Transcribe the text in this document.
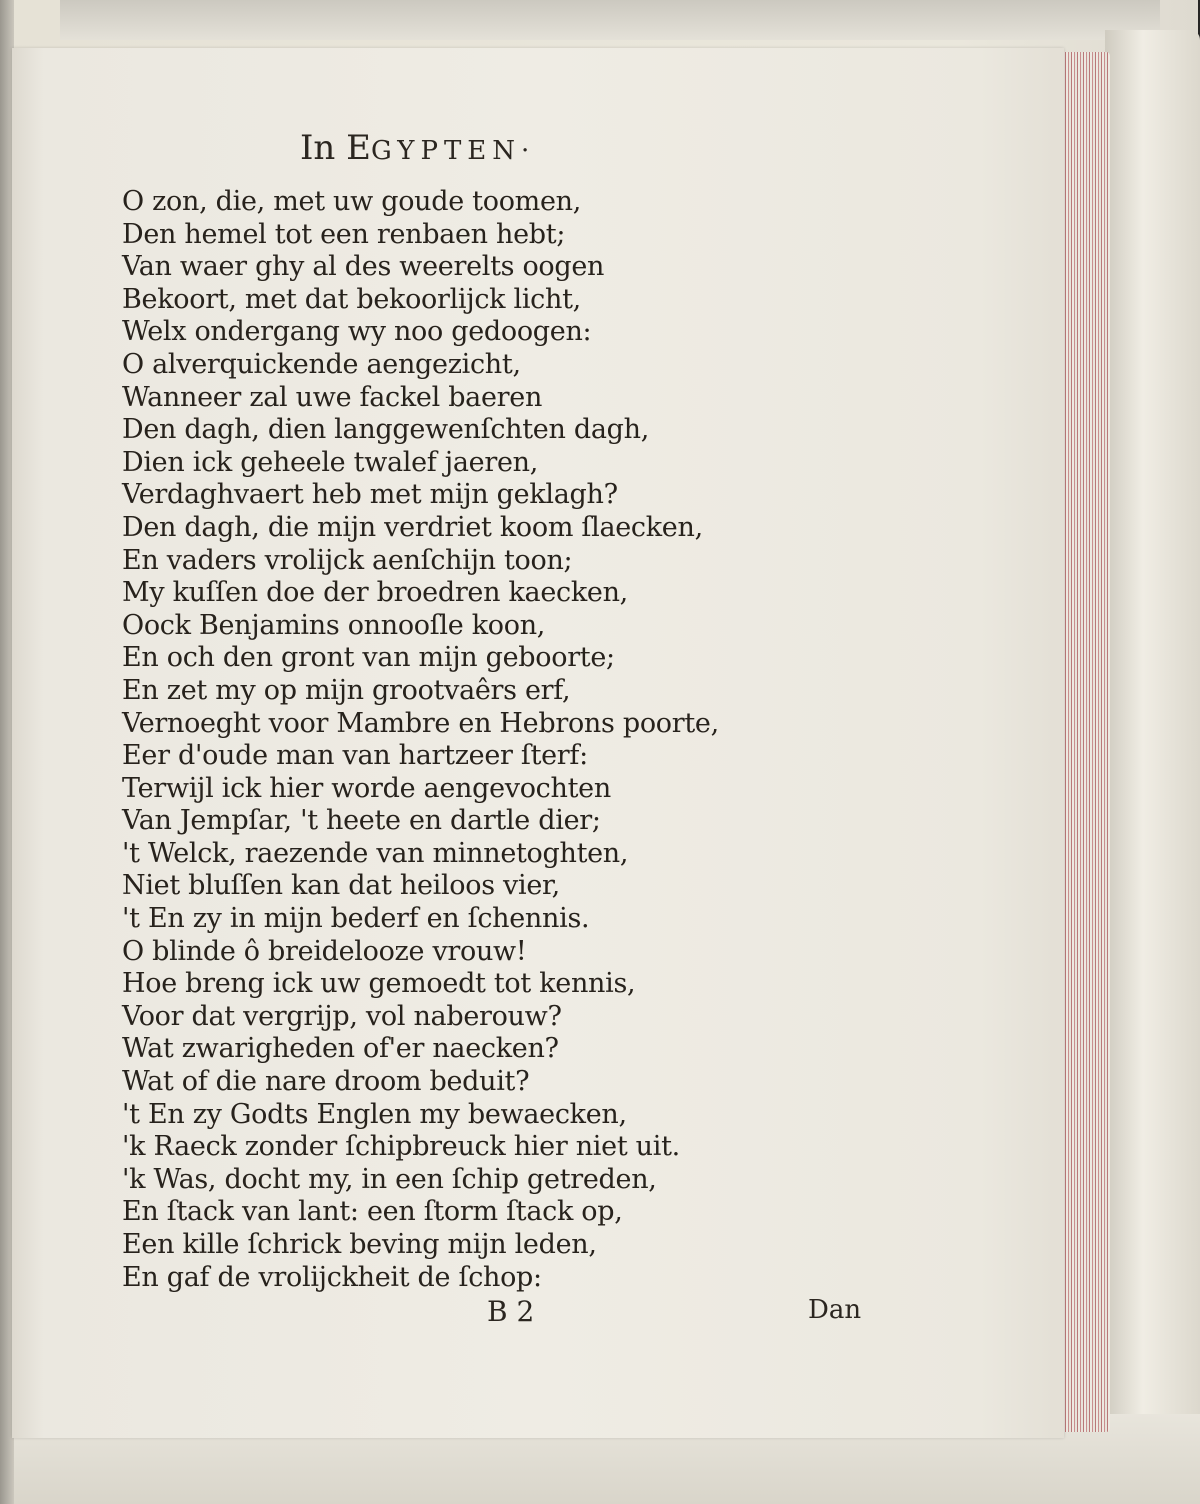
In EGYPTEN·
O zon, die, met uw goude toomen,
Den hemel tot een renbaen hebt;
Van waer ghy al des weerelts oogen
Bekoort, met dat bekoorlijck licht,
Welx ondergang wy noo gedoogen:
O alverquickende aengezicht,
Wanneer zal uwe fackel baeren
Den dagh, dien langgewenſchten dagh,
Dien ick geheele twalef jaeren,
Verdaghvaert heb met mijn geklagh?
Den dagh, die mijn verdriet koom ſlaecken,
En vaders vrolijck aenſchijn toon;
My kuſſen doe der broedren kaecken,
Oock Benjamins onnooſle koon,
En och den gront van mijn geboorte;
En zet my op mijn grootvaêrs erf,
Vernoeght voor Mambre en Hebrons poorte,
Eer d'oude man van hartzeer ſterf:
Terwijl ick hier worde aengevochten
Van Jempſar, 't heete en dartle dier;
't Welck, raezende van minnetoghten,
Niet bluſſen kan dat heiloos vier,
't En zy in mijn bederf en ſchennis.
O blinde ô breidelooze vrouw!
Hoe breng ick uw gemoedt tot kennis,
Voor dat vergrijp, vol naberouw?
Wat zwarigheden of'er naecken?
Wat of die nare droom beduit?
't En zy Godts Englen my bewaecken,
'k Raeck zonder ſchipbreuck hier niet uit.
'k Was, docht my, in een ſchip getreden,
En ſtack van lant: een ſtorm ſtack op,
Een kille ſchrick beving mijn leden,
En gaf de vrolijckheit de ſchop:
B 2	Dan
